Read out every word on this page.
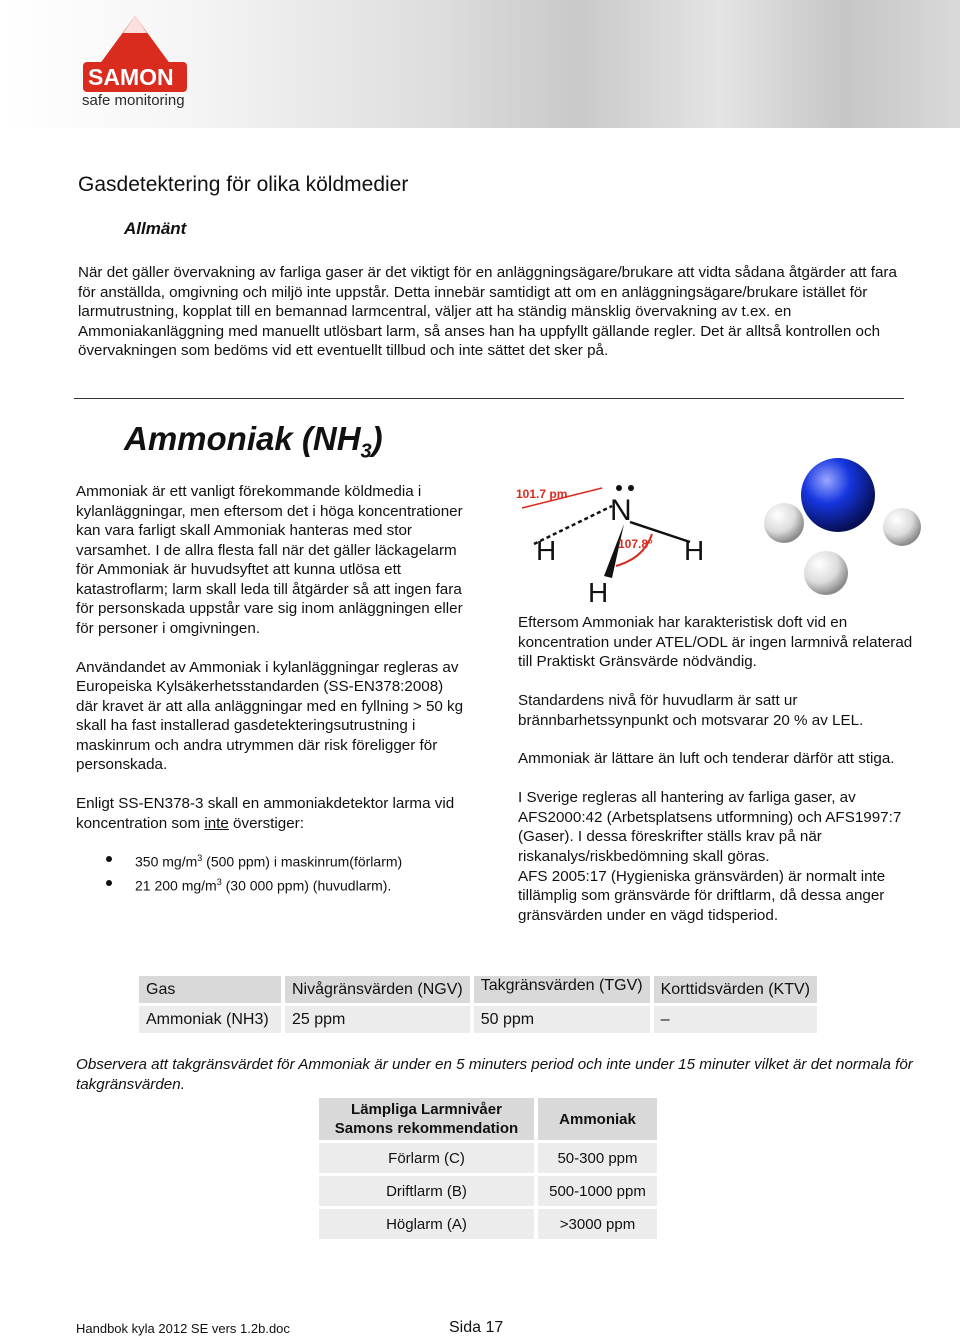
SAMON
safe monitoring
Gasdetektering för olika köldmedier
Allmänt

När det gäller övervakning av farliga gaser är det viktigt för en anläggningsägare/brukare att vidta sådana åtgärder att fara för anställda, omgivning och miljö inte uppstår. Detta innebär samtidigt att om en anläggningsägare/brukare istället för larmutrustning, kopplat till en bemannad larmcentral, väljer att ha ständig mänsklig övervakning av t.ex. en Ammoniakanläggning med manuellt utlösbart larm, så anses han ha uppfyllt gällande regler. Det är alltså kontrollen och övervakningen som bedöms vid ett eventuellt tillbud och inte sättet det sker på.

Ammoniak $(NH_3)$

Ammoniak är ett vanligt förekommande köldmedia i kylanläggningar, men eftersom det i höga koncentrationer kan vara farligt skall Ammoniak hanteras med stor varsamhet. I de allra flesta fall när det gäller läckagelarm för Ammoniak är huvudsyftet att kunna utlösa ett katastroflarm; larm skall leda till åtgärder så att ingen fara för personskada uppstår vare sig inom anläggningen eller för personer i omgivningen.

Användandet av Ammoniak i kylanläggningar regleras av Europeiska Kylsäkerhetsstandarden (SS-EN378:2008) där kravet är att alla anläggningar med en fyllning > 50 kg skall ha fast installerad gasdetekteringsutrustning i maskinrum och andra utrymmen där risk föreligger för personskada.

Enligt SS-EN378-3 skall en ammoniakdetektor larma vid koncentration som inte överstiger:

350 $mg/m^3$ (500 ppm) i maskinrum(förlarm)
21 200 $mg/m^3$ (30 000 ppm) (huvudlarm).
101.7 pm N
107.8°
H	H
H

Eftersom Ammoniak har karakteristisk doft vid en koncentration under ATEL/ODL är ingen larmnivå relaterad till Praktiskt Gränsvärde nödvändig.

Standardens nivå för huvudlarm är satt ur brännbarhetssynpunkt och motsvarar 20 % av LEL.

Ammoniak är lättare än luft och tenderar därför att stiga.

I Sverige regleras all hantering av farliga gaser, av AFS2000:42 (Arbetsplatsens utformning) och AFS1997:7 (Gaser). I dessa föreskrifter ställs krav på när riskanalys/riskbedömning skall göras.

AFS 2005:17 (Hygieniska gränsvärden) är normalt inte tillämplig som gränsvärde för driftlarm, då dessa anger gränsvärden under en vägd tidsperiod.

Gas	Nivågränsvärden (NGV)	Takgränsvärden (TGV)	Korttidsvärden (KTV)
Ammoniak (NH3)	25 ppm	50 ppm	–

Observera att takgränsvärdet för Ammoniak är under en 5 minuters period och inte under 15 minuter vilket är det normala för takgränsvärden.

Lämpliga Larmnivåer
Samons rekommendation	Ammoniak
Förlarm (C)	50-300 ppm
Driftlarm (B)	500-1000 ppm
Höglarm (A)	>3000 ppm
Handbok kyla 2012 SE vers 1.2b.doc	Sida 17
